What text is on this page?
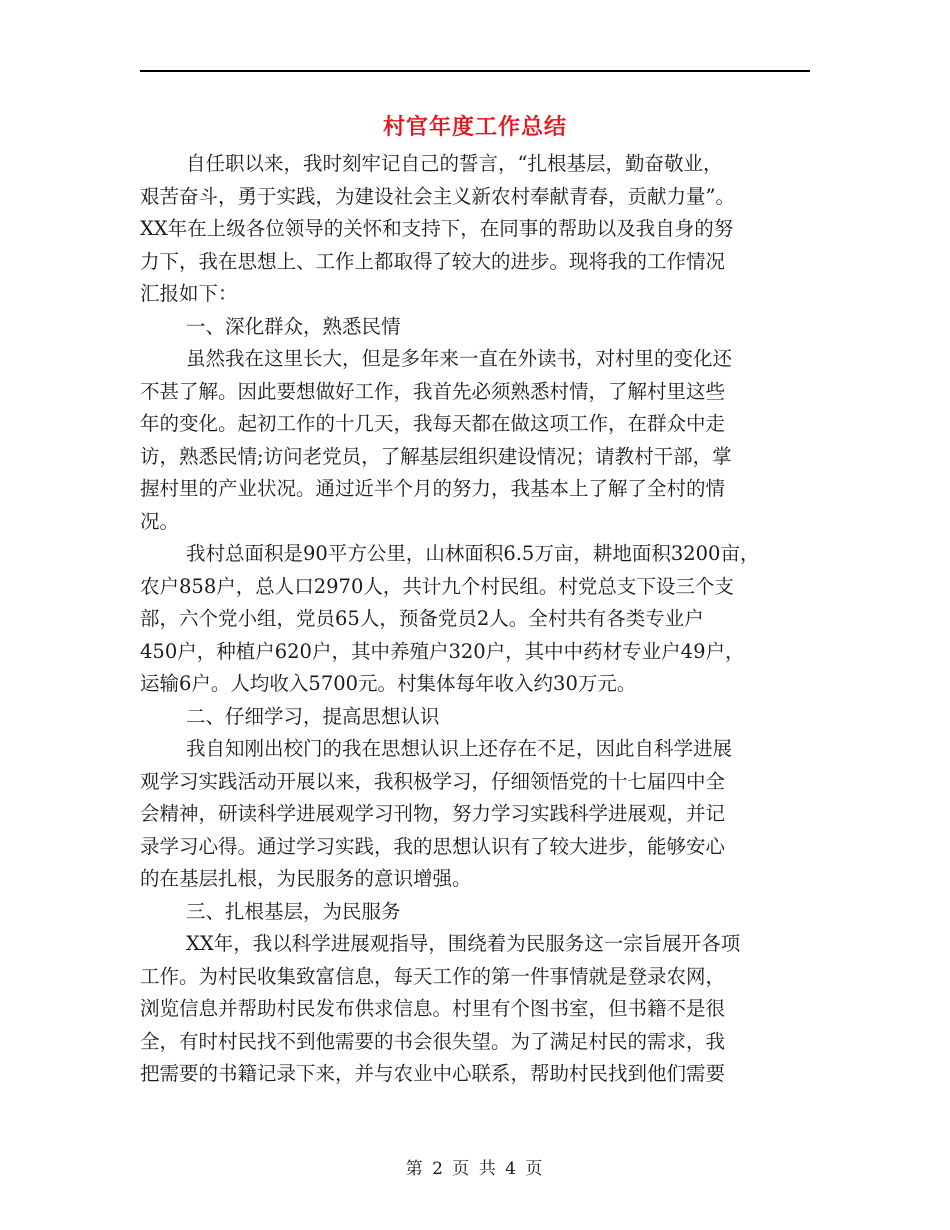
村官年度工作总结
自任职以来，我时刻牢记自己的誓言，“扎根基层，勤奋敬业，
艰苦奋斗，勇于实践，为建设社会主义新农村奉献青春，贡献力量”。
XX年在上级各位领导的关怀和支持下，在同事的帮助以及我自身的努
力下，我在思想上、工作上都取得了较大的进步。现将我的工作情况
汇报如下：
一、深化群众，熟悉民情
虽然我在这里长大，但是多年来一直在外读书，对村里的变化还
不甚了解。因此要想做好工作，我首先必须熟悉村情，了解村里这些
年的变化。起初工作的十几天，我每天都在做这项工作，在群众中走
访，熟悉民情;访问老党员，了解基层组织建设情况；请教村干部，掌
握村里的产业状况。通过近半个月的努力，我基本上了解了全村的情
况。
我村总面积是90平方公里，山林面积6.5万亩，耕地面积3200亩，
农户858户，总人口2970人，共计九个村民组。村党总支下设三个支
部，六个党小组，党员65人，预备党员2人。全村共有各类专业户
450户，种植户620户，其中养殖户320户，其中中药材专业户49户，
运输6户。人均收入5700元。村集体每年收入约30万元。
二、仔细学习，提高思想认识
我自知刚出校门的我在思想认识上还存在不足，因此自科学进展
观学习实践活动开展以来，我积极学习，仔细领悟党的十七届四中全
会精神，研读科学进展观学习刊物，努力学习实践科学进展观，并记
录学习心得。通过学习实践，我的思想认识有了较大进步，能够安心
的在基层扎根，为民服务的意识增强。
三、扎根基层，为民服务
XX年，我以科学进展观指导，围绕着为民服务这一宗旨展开各项
工作。为村民收集致富信息，每天工作的第一件事情就是登录农网，
浏览信息并帮助村民发布供求信息。村里有个图书室，但书籍不是很
全，有时村民找不到他需要的书会很失望。为了满足村民的需求，我
把需要的书籍记录下来，并与农业中心联系，帮助村民找到他们需要
第 2 页 共 4 页
